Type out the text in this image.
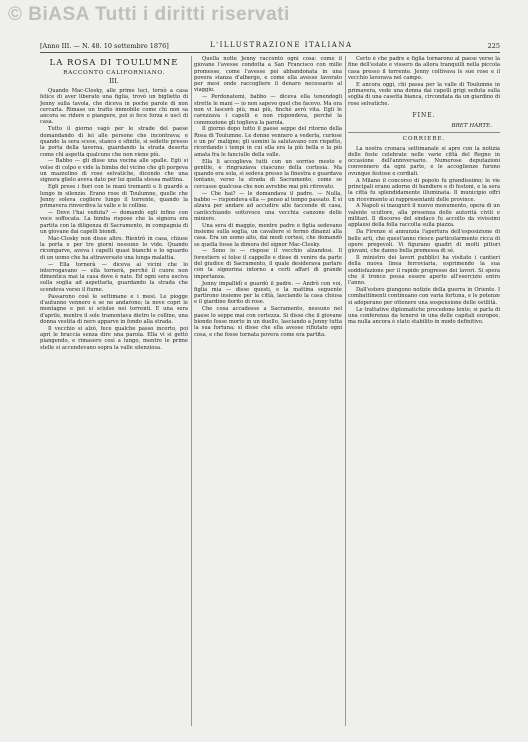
© BiASA Tutti i diritti riservati
[Anno III. — N. 48. 10 settembre 1876]	L'ILLUSTRAZIONE ITALIANA	225
LA ROSA DI TOULUMNE
RACCONTO CALIFORNIANO.
III.
Quando Mac-Closky, alle prime luci, tornò a casa felice di aver liberato una figlia, trovò un biglietto di Jenny sulla tavola, che diceva in poche parole di non cercarla. Rimase un tratto immobile come chi non sa ancora se ridere o piangere, poi si fece forza e uscì di casa.
Tutto il giorno vagò per le strade del paese domandando di lei alle persone che incontrava; e quando la sera scese, stanco e sfinito, si sedette presso la porta della taverna, guardando la strada deserta come chi aspetta qualcuno che non viene più.
— Babbo — gli disse una vocina alle spalle. Egli si volse di colpo e vide la bimba del vicino che gli porgeva un mazzolino di rose selvatiche, dicendo che una signora glielo aveva dato per lui quella stessa mattina.
Egli prese i fiori con le mani tremanti e li guardò a lungo in silenzio. Erano rose di Toulumne, quelle che Jenny soleva cogliere lungo il torrente, quando la primavera rinverdiva la valle e le colline.
— Dove l'hai veduta? — domandò egli infine con voce soffocata. La bimba rispose che la signora era partita con la diligenza di Sacramento, in compagnia di un giovane dai capelli biondi.
Mac-Closky non disse altro. Rientrò in casa, chiuse la porta e per tre giorni nessuno lo vide. Quando ricomparve, aveva i capelli quasi bianchi e lo sguardo di un uomo che ha attraversato una lunga malattia.
— Ella tornerà — diceva ai vicini che lo interrogavano — ella tornerà, perché il cuore non dimentica mai la casa dove è nato. Ed ogni sera usciva sulla soglia ad aspettarla, guardando la strada che scendeva verso il fiume.
Passarono così le settimane e i mesi. Le piogge d'autunno vennero e se ne andarono; la neve coprì le montagne e poi si sciolse nei torrenti. E una sera d'aprile, mentre il sole tramontava dietro le colline, una donna vestita di nero apparve in fondo alla strada.
Il vecchio si alzò, fece qualche passo incerto, poi aprì le braccia senza dire una parola. Ella vi si gettò piangendo, e rimasero così a lungo, mentre le prime stelle si accendevano sopra la valle silenziosa.
Quella notte Jenny raccontò ogni cosa: come il giovane l'avesse condotta a San Francisco con mille promesse, come l'avesse poi abbandonata in una povera stanza d'albergo, e come ella avesse lavorato per mesi onde raccogliere il denaro necessario al viaggio.
— Perdonatemi, babbo — diceva ella tenendogli strette le mani — io non sapevo quel che facevo. Ma ora non vi lascerò più, mai più, finché avrò vita. Egli le carezzava i capelli e non rispondeva, perché la commozione gli toglieva la parola.
Il giorno dopo tutto il paese seppe del ritorno della Rosa di Toulumne. Le donne vennero a vederla, curiose e un po' maligne; gli uomini la salutavano con rispetto, ricordando i tempi in cui ella era la più bella e la più amata fra le fanciulle della valle.
Ella li accoglieva tutti con un sorriso mesto e gentile, e ringraziava ciascuno della cortesia. Ma quando era sola, si sedeva presso la finestra e guardava lontano, verso la strada di Sacramento, come se cercasse qualcosa che non avrebbe mai più ritrovato.
— Che hai? — le domandava il padre. — Nulla, babbo — rispondeva ella — penso al tempo passato. E si alzava per andare ad accudire alle faccende di casa, canticchiando sottovoce una vecchia canzone delle miniere.
Una sera di maggio, mentre padre e figlia sedevano insieme sulla soglia, un cavaliere si fermò dinanzi alla casa. Era un uomo alto, dai modi cortesi, che domandò se quella fosse la dimora del signor Mac-Closky.
— Sono io — rispose il vecchio alzandosi. Il forestiero si tolse il cappello e disse di venire da parte del giudice di Sacramento, il quale desiderava parlare con la signorina intorno a certi affari di grande importanza.
Jenny impallidì e guardò il padre. — Andrò con voi, figlia mia — disse questi, e la mattina seguente partirono insieme per la città, lasciando la casa chiusa e il giardino fiorito di rose.
Che cosa accadesse a Sacramento, nessuno nel paese lo seppe mai con certezza. Si disse che il giovane biondo fosse morto in un duello, lasciando a Jenny tutta la sua fortuna; si disse che ella avesse rifiutato ogni cosa, e che fosse tornata povera come era partita.
Certo è che padre e figlia tornarono al paese verso la fine dell'estate e vissero da allora tranquilli nella piccola casa presso il torrente. Jenny coltivava le sue rose e il vecchio lavorava nel campo.
E ancora oggi, chi passa per la valle di Toulumne in primavera, vede una donna dai capelli grigi seduta sulla soglia di una casetta bianca, circondata da un giardino di rose selvatiche.
FINE.
BRET HARTE.
CORRIERE.
La nostra cronaca settimanale si apre con la notizia delle feste celebrate nelle varie città del Regno in occasione dell'anniversario. Numerose deputazioni convennero da ogni parte, e le accoglienze furono ovunque festose e cordiali.
A Milano il concorso di popolo fu grandissimo; le vie principali erano adorne di bandiere e di festoni, e la sera la città fu splendidamente illuminata. Il municipio offrì un ricevimento ai rappresentanti delle province.
A Napoli si inaugurò il nuovo monumento, opera di un valente scultore, alla presenza delle autorità civili e militari. Il discorso del sindaco fu accolto da vivissimi applausi della folla raccolta sulla piazza.
Da Firenze si annunzia l'apertura dell'esposizione di belle arti, che quest'anno riesce particolarmente ricca di opere pregevoli. Vi figurano quadri di molti pittori giovani, che danno bella promessa di sé.
Il ministro dei lavori pubblici ha visitato i cantieri della nuova linea ferroviaria, esprimendo la sua soddisfazione per il rapido progresso dei lavori. Si spera che il tronco possa essere aperto all'esercizio entro l'anno.
Dall'estero giungono notizie della guerra in Oriente. I combattimenti continuano con varia fortuna, e le potenze si adoperano per ottenere una sospensione delle ostilità.
Le trattative diplomatiche procedono lente; si parla di una conferenza da tenersi in una delle capitali europee, ma nulla ancora è stato stabilito in modo definitivo.
